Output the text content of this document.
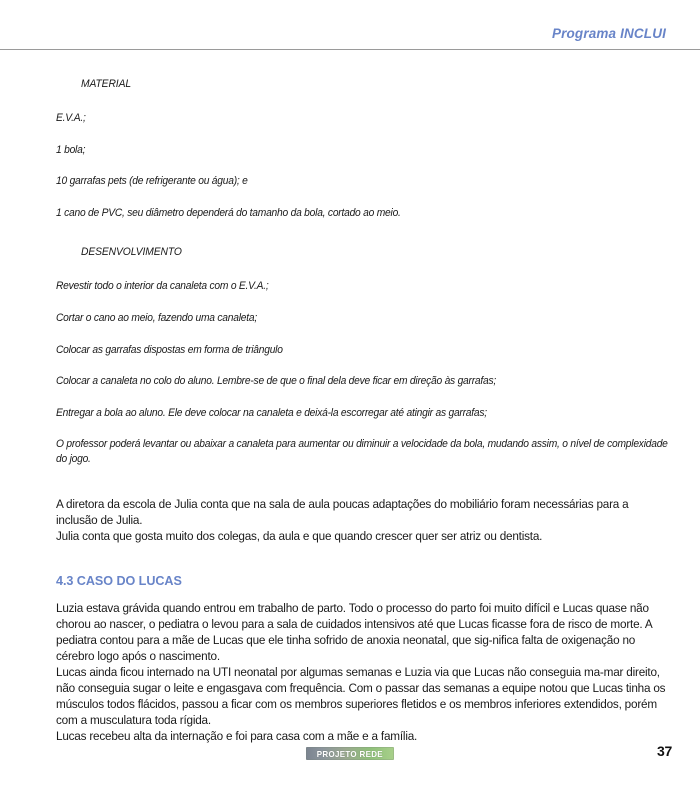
Programa INCLUI
MATERIAL
E.V.A.;
1 bola;
10 garrafas pets (de refrigerante ou água); e
1 cano de PVC, seu diâmetro dependerá do tamanho da bola, cortado ao meio.
DESENVOLVIMENTO
Revestir todo o interior da canaleta com o E.V.A.;
Cortar o cano ao meio, fazendo uma canaleta;
Colocar as garrafas dispostas em forma de triângulo
Colocar a canaleta no colo do aluno. Lembre-se de que o final dela deve ficar em direção às garrafas;
Entregar a bola ao aluno. Ele deve colocar na canaleta e deixá-la escorregar até atingir as garrafas;
O professor poderá levantar ou abaixar a canaleta para aumentar ou diminuir a velocidade da bola, mudando assim, o nível de complexidade do jogo.
A diretora da escola de Julia conta que na sala de aula poucas adaptações do mobiliário foram necessárias para a inclusão de Julia.
Julia conta que gosta muito dos colegas, da aula e que quando crescer quer ser atriz ou dentista.
4.3 CASO DO LUCAS
Luzia estava grávida quando entrou em trabalho de parto. Todo o processo do parto foi muito difícil e Lucas quase não chorou ao nascer, o pediatra o levou para a sala de cuidados intensivos até que Lucas ficasse fora de risco de morte. A pediatra contou para a mãe de Lucas que ele tinha sofrido de anoxia neonatal, que sig-nifica falta de oxigenação no cérebro logo após o nascimento.
Lucas ainda ficou internado na UTI neonatal por algumas semanas e Luzia via que Lucas não conseguia ma-mar direito, não conseguia sugar o leite e engasgava com frequência. Com o passar das semanas a equipe notou que Lucas tinha os músculos todos flácidos, passou a ficar com os membros superiores fletidos e os membros inferiores extendidos, porém com a musculatura toda rígida.
Lucas recebeu alta da internação e foi para casa com a mãe e a família.
PROJETO REDE	37
